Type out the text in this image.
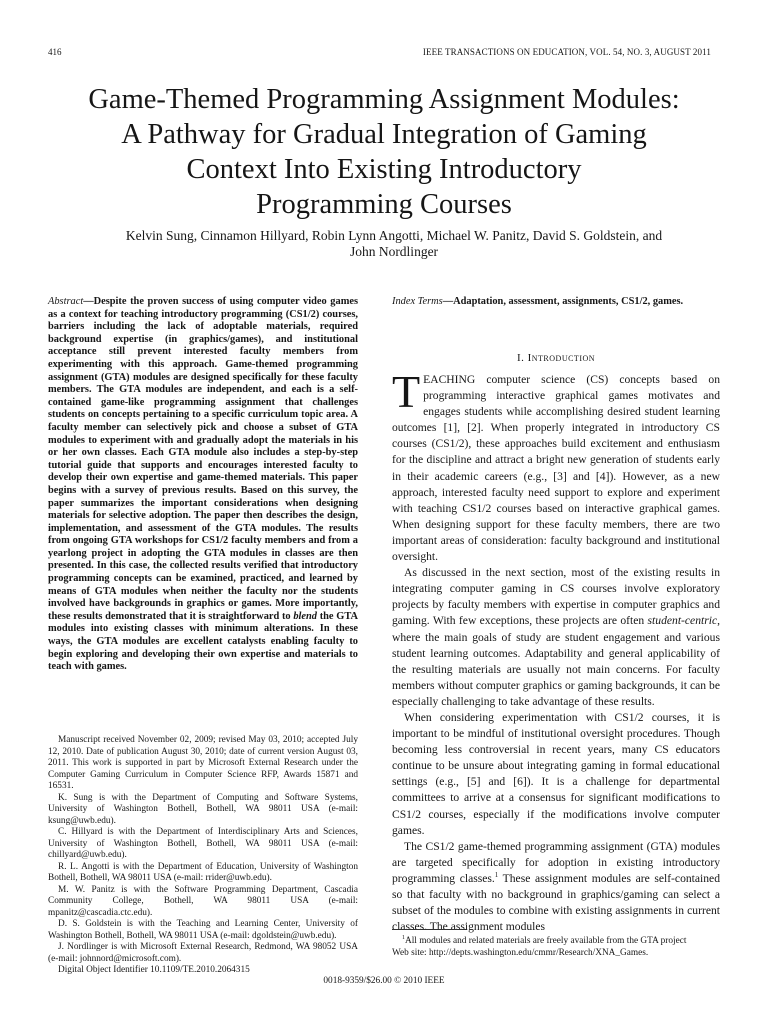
416	IEEE TRANSACTIONS ON EDUCATION, VOL. 54, NO. 3, AUGUST 2011
Game-Themed Programming Assignment Modules:
A Pathway for Gradual Integration of Gaming
Context Into Existing Introductory
Programming Courses
Kelvin Sung, Cinnamon Hillyard, Robin Lynn Angotti, Michael W. Panitz, David S. Goldstein, and
John Nordlinger
Abstract—Despite the proven success of using computer video games as a context for teaching introductory programming (CS1/2) courses, barriers including the lack of adoptable materials, required background expertise (in graphics/games), and institutional acceptance still prevent interested faculty members from experimenting with this approach. Game-themed programming assignment (GTA) modules are designed specifically for these faculty members. The GTA modules are independent, and each is a self-contained game-like programming assignment that challenges students on concepts pertaining to a specific curriculum topic area. A faculty member can selectively pick and choose a subset of GTA modules to experiment with and gradually adopt the materials in his or her own classes. Each GTA module also includes a step-by-step tutorial guide that supports and encourages interested faculty to develop their own expertise and game-themed materials. This paper begins with a survey of previous results. Based on this survey, the paper summarizes the important considerations when designing materials for selective adoption. The paper then describes the design, implementation, and assessment of the GTA modules. The results from ongoing GTA workshops for CS1/2 faculty members and from a yearlong project in adopting the GTA modules in classes are then presented. In this case, the collected results verified that introductory programming concepts can be examined, practiced, and learned by means of GTA modules when neither the faculty nor the students involved have backgrounds in graphics or games. More importantly, these results demonstrated that it is straightforward to blend the GTA modules into existing classes with minimum alterations. In these ways, the GTA modules are excellent catalysts enabling faculty to begin exploring and developing their own expertise and materials to teach with games.

Manuscript received November 02, 2009; revised May 03, 2010; accepted July 12, 2010. Date of publication August 30, 2010; date of current version August 03, 2011. This work is supported in part by Microsoft External Research under the Computer Gaming Curriculum in Computer Science RFP, Awards 15871 and 16531.

K. Sung is with the Department of Computing and Software Systems, University of Washington Bothell, Bothell, WA 98011 USA (e-mail: ksung@uwb.edu).

C. Hillyard is with the Department of Interdisciplinary Arts and Sciences, University of Washington Bothell, Bothell, WA 98011 USA (e-mail: chillyard@uwb.edu).

R. L. Angotti is with the Department of Education, University of Washington Bothell, Bothell, WA 98011 USA (e-mail: rrider@uwb.edu).

M. W. Panitz is with the Software Programming Department, Cascadia Community College, Bothell, WA 98011 USA (e-mail: mpanitz@cascadia.ctc.edu).

D. S. Goldstein is with the Teaching and Learning Center, University of Washington Bothell, Bothell, WA 98011 USA (e-mail: dgoldstein@uwb.edu).

J. Nordlinger is with Microsoft External Research, Redmond, WA 98052 USA (e-mail: johnnord@microsoft.com).

Digital Object Identifier 10.1109/TE.2010.2064315

Index Terms—Adaptation, assessment, assignments, CS1/2, games.
I. Introduction

TEACHING computer science (CS) concepts based on programming interactive graphical games motivates and engages students while accomplishing desired student learning outcomes [1], [2]. When properly integrated in introductory CS courses (CS1/2), these approaches build excitement and enthusiasm for the discipline and attract a bright new generation of students early in their academic careers (e.g., [3] and [4]). However, as a new approach, interested faculty need support to explore and experiment with teaching CS1/2 courses based on interactive graphical games. When designing support for these faculty members, there are two important areas of consideration: faculty background and institutional oversight.

As discussed in the next section, most of the existing results in integrating computer gaming in CS courses involve exploratory projects by faculty members with expertise in computer graphics and gaming. With few exceptions, these projects are often student-centric, where the main goals of study are student engagement and various student learning outcomes. Adaptability and general applicability of the resulting materials are usually not main concerns. For faculty members without computer graphics or gaming backgrounds, it can be especially challenging to take advantage of these results.

When considering experimentation with CS1/2 courses, it is important to be mindful of institutional oversight procedures. Though becoming less controversial in recent years, many CS educators continue to be unsure about integrating gaming in formal educational settings (e.g., [5] and [6]). It is a challenge for departmental committees to arrive at a consensus for significant modifications to CS1/2 courses, especially if the modifications involve computer games.

The CS1/2 game-themed programming assignment (GTA) modules are targeted specifically for adoption in existing introductory programming classes.$^1$ These assignment modules are self-contained so that faculty with no background in graphics/gaming can select a subset of the modules to combine with existing assignments in current classes. The assignment modules

$^1$All modules and related materials are freely available from the GTA project

Web site: http://depts.washington.edu/cmmr/Research/XNA_Games.
0018-9359/$26.00 © 2010 IEEE
